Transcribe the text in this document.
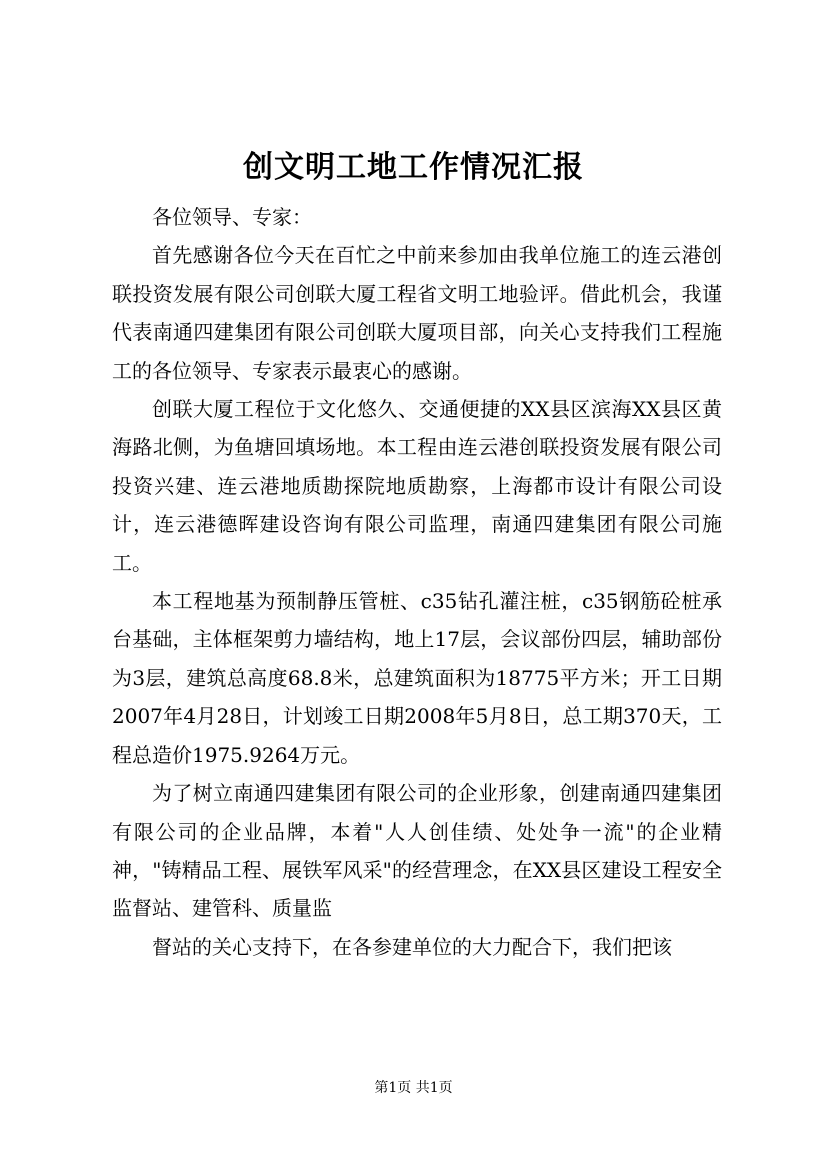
创文明工地工作情况汇报

各位领导、专家：

首先感谢各位今天在百忙之中前来参加由我单位施工的连云港创联投资发展有限公司创联大厦工程省文明工地验评。借此机会，我谨代表南通四建集团有限公司创联大厦项目部，向关心支持我们工程施工的各位领导、专家表示最衷心的感谢。

创联大厦工程位于文化悠久、交通便捷的XX县区滨海XX县区黄海路北侧，为鱼塘回填场地。本工程由连云港创联投资发展有限公司投资兴建、连云港地质勘探院地质勘察，上海都市设计有限公司设计，连云港德晖建设咨询有限公司监理，南通四建集团有限公司施工。

本工程地基为预制静压管桩、c35钻孔灌注桩，c35钢筋砼桩承台基础，主体框架剪力墙结构，地上17层，会议部份四层，辅助部份为3层，建筑总高度68.8米，总建筑面积为18775平方米；开工日期2007年4月28日，计划竣工日期2008年5月8日，总工期370天，工程总造价1975.9264万元。

为了树立南通四建集团有限公司的企业形象，创建南通四建集团有限公司的企业品牌，本着"人人创佳绩、处处争一流"的企业精神，"铸精品工程、展铁军风采"的经营理念，在XX县区建设工程安全监督站、建管科、质量监

督站的关心支持下，在各参建单位的大力配合下，我们把该

第1页 共1页
